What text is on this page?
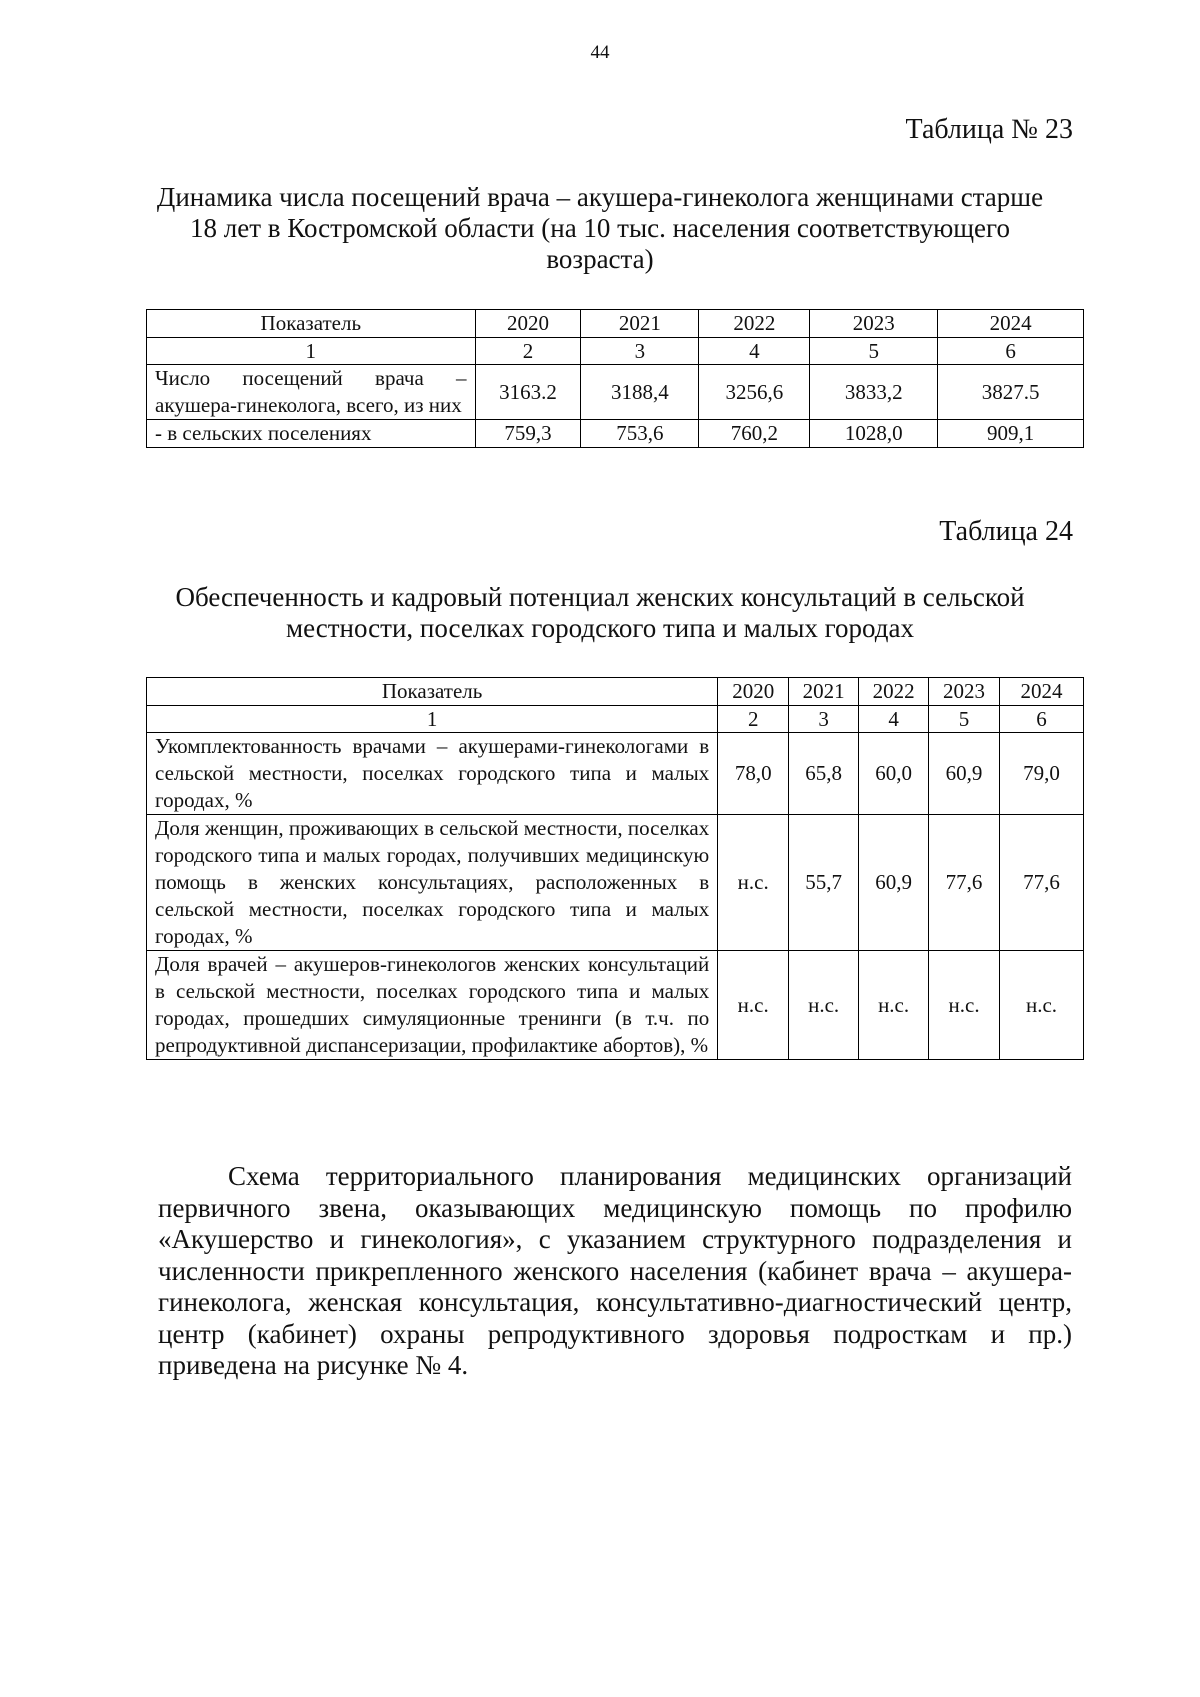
44
Таблица № 23
Динамика числа посещений врача – акушера-гинеколога женщинами старше 18 лет в Костромской области (на 10 тыс. населения соответствующего возраста)
Показатель	2020	2021	2022	2023	2024
1	2	3	4	5	6
Число посещений врача – акушера-гинеколога, всего, из них	3163.2	3188,4	3256,6	3833,2	3827.5
- в сельских поселениях	759,3	753,6	760,2	1028,0	909,1
Таблица 24
Обеспеченность и кадровый потенциал женских консультаций в сельской местности, поселках городского типа и малых городах
Показатель	2020	2021	2022	2023	2024
1	2	3	4	5	6
Укомплектованность врачами – акушерами-гинекологами в сельской местности, поселках городского типа и малых городах, %	78,0	65,8	60,0	60,9	79,0
Доля женщин, проживающих в сельской местности, поселках городского типа и малых городах, получивших медицинскую помощь в женских консультациях, расположенных в сельской местности, поселках городского типа и малых городах, %	н.с.	55,7	60,9	77,6	77,6
Доля врачей – акушеров-гинекологов женских консультаций в сельской местности, поселках городского типа и малых городах, прошедших симуляционные тренинги (в т.ч. по репродуктивной диспансеризации, профилактике абортов), %	н.с.	н.с.	н.с.	н.с.	н.с.

Схема территориального планирования медицинских организаций первичного звена, оказывающих медицинскую помощь по профилю «Акушерство и гинекология», с указанием структурного подразделения и численности прикрепленного женского населения (кабинет врача – акушера-гинеколога, женская консультация, консультативно-диагностический центр, центр (кабинет) охраны репродуктивного здоровья подросткам и пр.) приведена на рисунке № 4.
